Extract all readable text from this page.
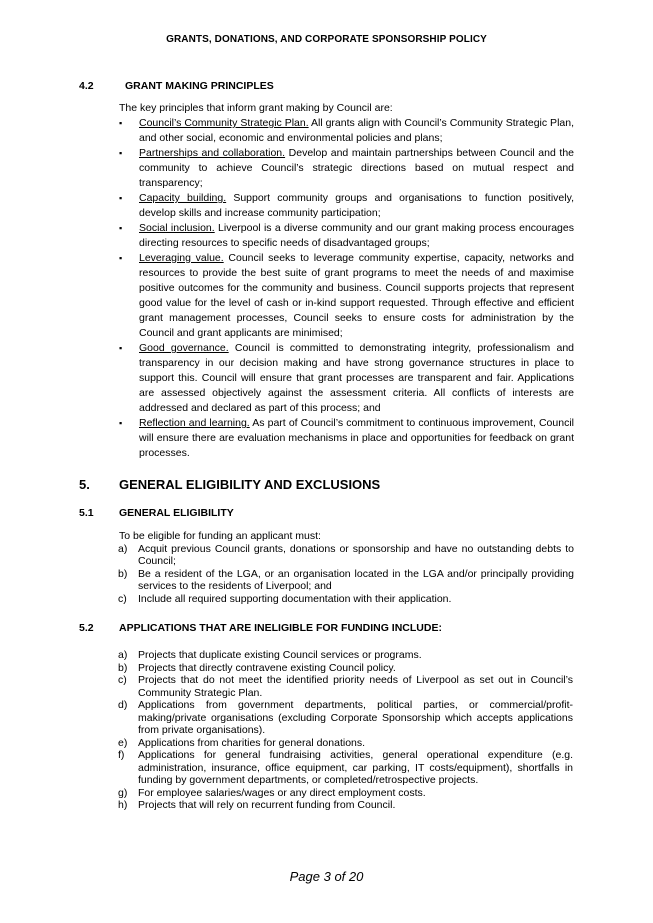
GRANTS, DONATIONS, AND CORPORATE SPONSORSHIP POLICY
4.2	GRANT MAKING PRINCIPLES

The key principles that inform grant making by Council are:

▪ Council’s Community Strategic Plan. All grants align with Council’s Community Strategic Plan, and other social, economic and environmental policies and plans;
▪ Partnerships and collaboration. Develop and maintain partnerships between Council and the community to achieve Council’s strategic directions based on mutual respect and transparency;
▪ Capacity building. Support community groups and organisations to function positively, develop skills and increase community participation;
▪ Social inclusion. Liverpool is a diverse community and our grant making process encourages directing resources to specific needs of disadvantaged groups;
▪ Leveraging value. Council seeks to leverage community expertise, capacity, networks and resources to provide the best suite of grant programs to meet the needs of and maximise positive outcomes for the community and business. Council supports projects that represent good value for the level of cash or in-kind support requested. Through effective and efficient grant management processes, Council seeks to ensure costs for administration by the Council and grant applicants are minimised;
▪ Good governance. Council is committed to demonstrating integrity, professionalism and transparency in our decision making and have strong governance structures in place to support this. Council will ensure that grant processes are transparent and fair. Applications are assessed objectively against the assessment criteria. All conflicts of interests are addressed and declared as part of this process; and
▪ Reflection and learning. As part of Council’s commitment to continuous improvement, Council will ensure there are evaluation mechanisms in place and opportunities for feedback on grant processes.
5. GENERAL ELIGIBILITY AND EXCLUSIONS
5.1 GENERAL ELIGIBILITY

To be eligible for funding an applicant must:

a) Acquit previous Council grants, donations or sponsorship and have no outstanding debts to Council;
b) Be a resident of the LGA, or an organisation located in the LGA and/or principally providing services to the residents of Liverpool; and
c) Include all required supporting documentation with their application.
5.2 APPLICATIONS THAT ARE INELIGIBLE FOR FUNDING INCLUDE:
a) Projects that duplicate existing Council services or programs.
b) Projects that directly contravene existing Council policy.
c) Projects that do not meet the identified priority needs of Liverpool as set out in Council’s Community Strategic Plan.
d) Applications from government departments, political parties, or commercial/profit-making/private organisations (excluding Corporate Sponsorship which accepts applications from private organisations).
e) Applications from charities for general donations.
f) Applications for general fundraising activities, general operational expenditure (e.g. administration, insurance, office equipment, car parking, IT costs/equipment), shortfalls in funding by government departments, or completed/retrospective projects.
g) For employee salaries/wages or any direct employment costs.
h) Projects that will rely on recurrent funding from Council.
Page 3 of 20
